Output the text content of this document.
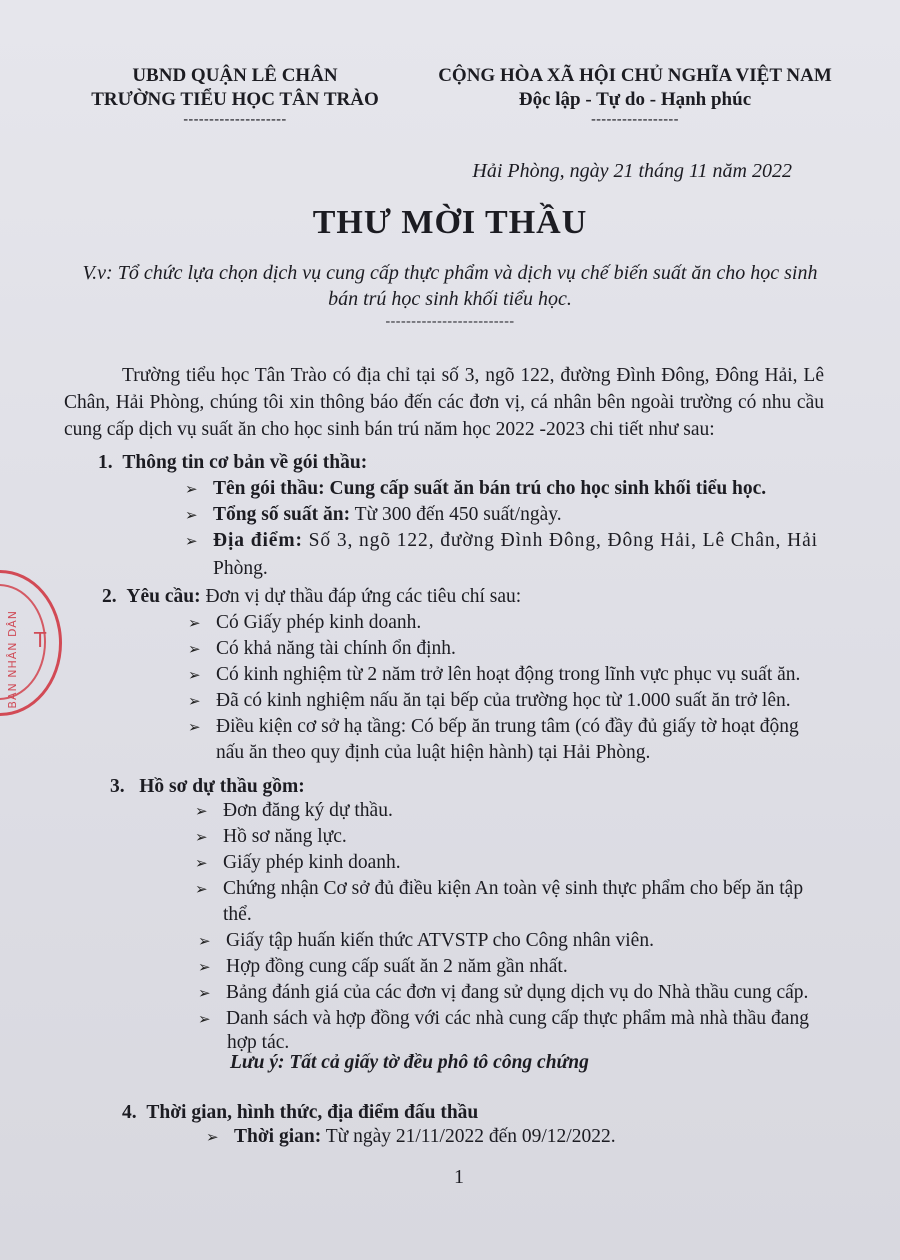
BAN NHÂN DÂN T
UBND QUẬN LÊ CHÂN
TRƯỜNG TIỂU HỌC TÂN TRÀO
--------------------
CỘNG HÒA XÃ HỘI CHỦ NGHĨA VIỆT NAM
Độc lập - Tự do - Hạnh phúc
-----------------
Hải Phòng, ngày 21 tháng 11 năm 2022
THƯ MỜI THẦU
V.v: Tổ chức lựa chọn dịch vụ cung cấp thực phẩm và dịch vụ chế biến suất ăn cho học sinh
bán trú học sinh khối tiểu học.
-------------------------

Trường tiểu học Tân Trào có địa chỉ tại số 3, ngõ 122, đường Đình Đông, Đông Hải, Lê Chân, Hải Phòng, chúng tôi xin thông báo đến các đơn vị, cá nhân bên ngoài trường có nhu cầu cung cấp dịch vụ suất ăn cho học sinh bán trú năm học 2022 -2023 chi tiết như sau:

1. Thông tin cơ bản về gói thầu:
➢ Tên gói thầu: Cung cấp suất ăn bán trú cho học sinh khối tiểu học.
➢ Tổng số suất ăn: Từ 300 đến 450 suất/ngày.
➢ Địa điểm: Số 3, ngõ 122, đường Đình Đông, Đông Hải, Lê Chân, Hải
Phòng.
2. Yêu cầu: Đơn vị dự thầu đáp ứng các tiêu chí sau:
➢ Có Giấy phép kinh doanh.
➢ Có khả năng tài chính ổn định.
➢ Có kinh nghiệm từ 2 năm trở lên hoạt động trong lĩnh vực phục vụ suất ăn.
➢ Đã có kinh nghiệm nấu ăn tại bếp của trường học từ 1.000 suất ăn trở lên.
➢ Điều kiện cơ sở hạ tầng: Có bếp ăn trung tâm (có đầy đủ giấy tờ hoạt động
nấu ăn theo quy định của luật hiện hành) tại Hải Phòng.
3. Hồ sơ dự thầu gồm:
➢ Đơn đăng ký dự thầu.
➢ Hồ sơ năng lực.
➢ Giấy phép kinh doanh.
➢ Chứng nhận Cơ sở đủ điều kiện An toàn vệ sinh thực phẩm cho bếp ăn tập
thể.
➢ Giấy tập huấn kiến thức ATVSTP cho Công nhân viên.
➢ Hợp đồng cung cấp suất ăn 2 năm gần nhất.
➢ Bảng đánh giá của các đơn vị đang sử dụng dịch vụ do Nhà thầu cung cấp.
➢ Danh sách và hợp đồng với các nhà cung cấp thực phẩm mà nhà thầu đang
hợp tác.
Lưu ý: Tất cả giấy tờ đều phô tô công chứng
4. Thời gian, hình thức, địa điểm đấu thầu
➢ Thời gian: Từ ngày 21/11/2022 đến 09/12/2022.
1
